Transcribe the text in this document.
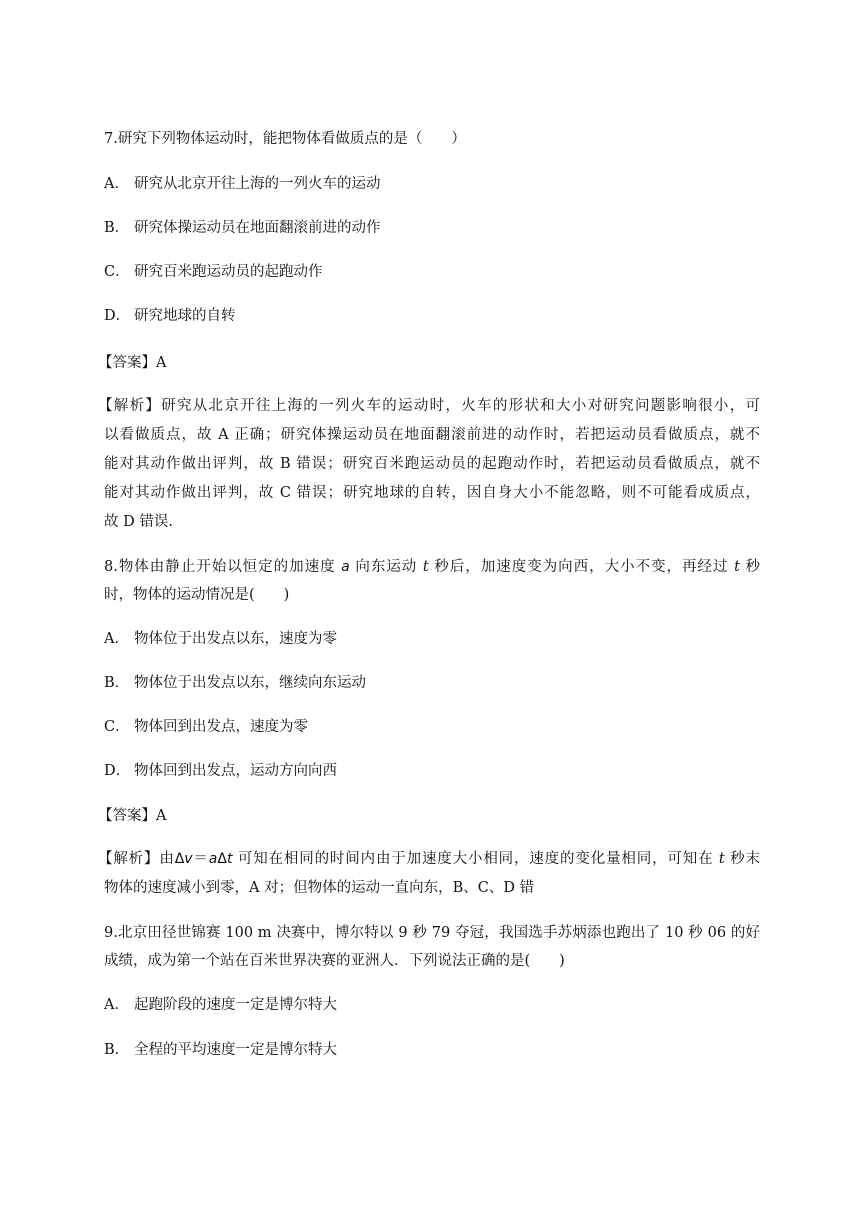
7.研究下列物体运动时，能把物体看做质点的是（　　）
A． 研究从北京开往上海的一列火车的运动
B． 研究体操运动员在地面翻滚前进的动作
C． 研究百米跑运动员的起跑动作
D． 研究地球的自转
【答案】A
【解析】研究从北京开往上海的一列火车的运动时，火车的形状和大小对研究问题影响很小，可
以看做质点，故 A 正确；研究体操运动员在地面翻滚前进的动作时，若把运动员看做质点，就不
能对其动作做出评判，故 B 错误；研究百米跑运动员的起跑动作时，若把运动员看做质点，就不
能对其动作做出评判，故 C 错误；研究地球的自转，因自身大小不能忽略，则不可能看成质点，
故 D 错误.
8.物体由静止开始以恒定的加速度 a 向东运动 t 秒后，加速度变为向西，大小不变，再经过 t 秒
时，物体的运动情况是(　　)
A． 物体位于出发点以东，速度为零
B． 物体位于出发点以东，继续向东运动
C． 物体回到出发点，速度为零
D． 物体回到出发点，运动方向向西
【答案】A
【解析】由Δv＝aΔt 可知在相同的时间内由于加速度大小相同，速度的变化量相同，可知在 t 秒末
物体的速度减小到零，A 对；但物体的运动一直向东，B、C、D 错
9.北京田径世锦赛 100 m 决赛中，博尔特以 9 秒 79 夺冠，我国选手苏炳添也跑出了 10 秒 06 的好
成绩，成为第一个站在百米世界决赛的亚洲人．下列说法正确的是(　　)
A． 起跑阶段的速度一定是博尔特大
B． 全程的平均速度一定是博尔特大
